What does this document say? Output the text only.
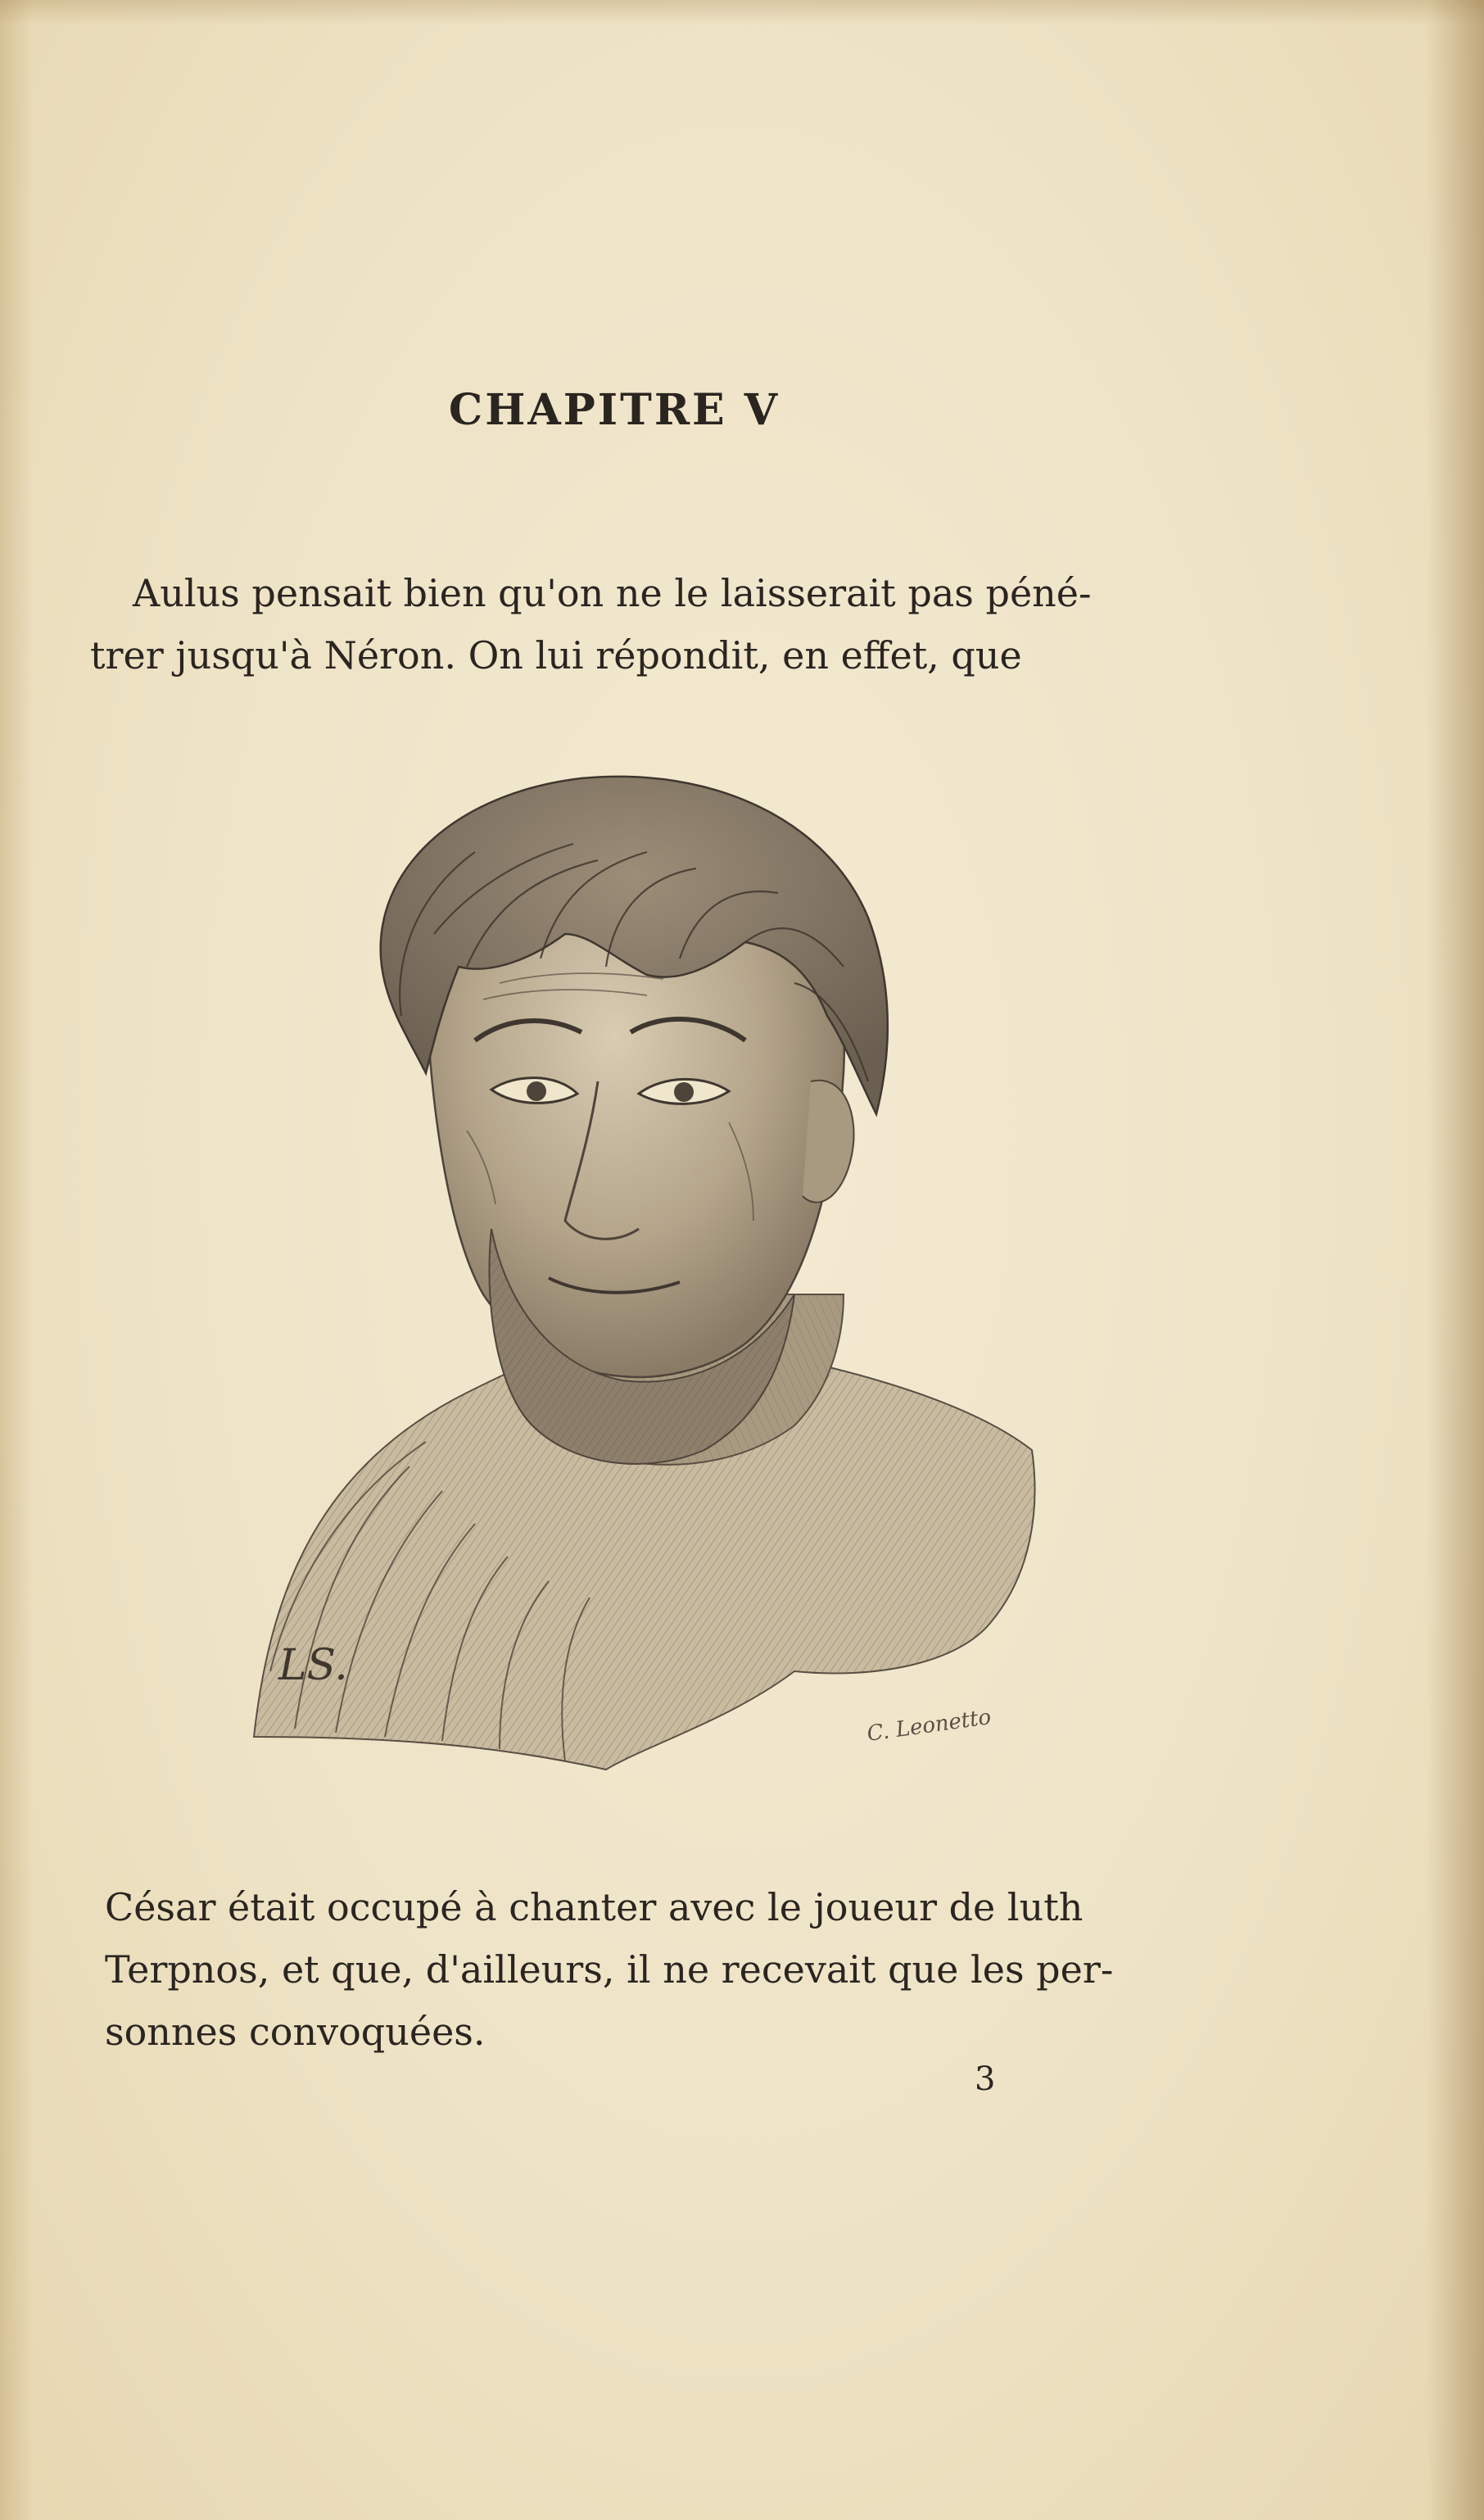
CHAPITRE V
Aulus pensait bien qu'on ne le laisserait pas péné-
trer jusqu'à Néron. On lui répondit, en effet, que
LS.
C. Leonetto
César était occupé à chanter avec le joueur de luth
Terpnos, et que, d'ailleurs, il ne recevait que les per-
sonnes convoquées.
3
